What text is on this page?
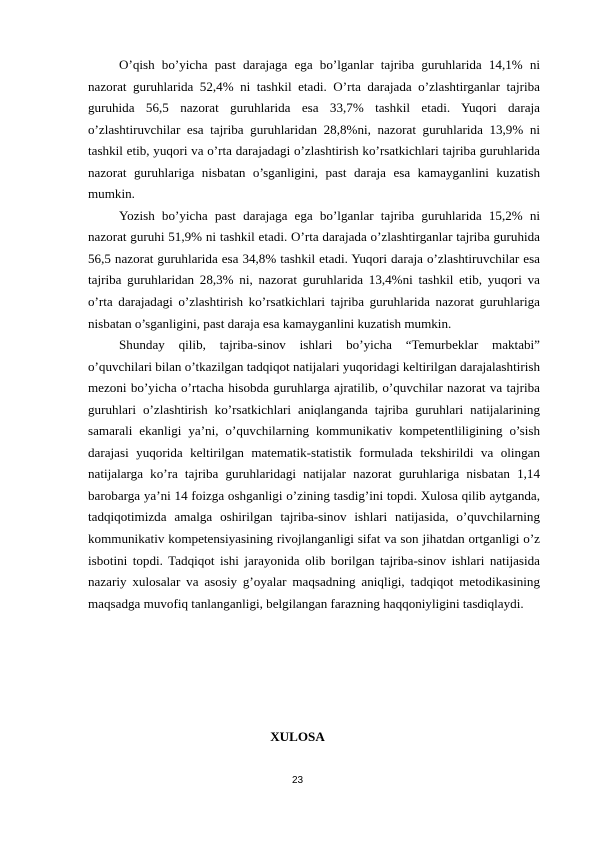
O’qish bo’yicha past darajaga ega bo’lganlar tajriba guruhlarida 14,1% ni nazorat guruhlarida 52,4% ni tashkil etadi. O’rta darajada o’zlashtirganlar tajriba guruhida 56,5 nazorat guruhlarida esa 33,7% tashkil etadi. Yuqori daraja o’zlashtiruvchilar esa tajriba guruhlaridan 28,8%ni, nazorat guruhlarida 13,9% ni tashkil etib, yuqori va o’rta darajadagi o’zlashtirish ko’rsatkichlari tajriba guruhlarida nazorat guruhlariga nisbatan o’sganligini, past daraja esa kamayganlini kuzatish mumkin.

Yozish bo’yicha past darajaga ega bo’lganlar tajriba guruhlarida 15,2% ni nazorat guruhi 51,9% ni tashkil etadi. O’rta darajada o’zlashtirganlar tajriba guruhida 56,5 nazorat guruhlarida esa 34,8% tashkil etadi. Yuqori daraja o’zlashtiruvchilar esa tajriba guruhlaridan 28,3% ni, nazorat guruhlarida 13,4%ni tashkil etib, yuqori va o’rta darajadagi o’zlashtirish ko’rsatkichlari tajriba guruhlarida nazorat guruhlariga nisbatan o’sganligini, past daraja esa kamayganlini kuzatish mumkin.

Shunday qilib, tajriba-sinov ishlari bo’yicha “Temurbeklar maktabi” o’quvchilari bilan o’tkazilgan tadqiqot natijalari yuqoridagi keltirilgan darajalashtirish mezoni bo’yicha o’rtacha hisobda guruhlarga ajratilib, o’quvchilar nazorat va tajriba guruhlari o’zlashtirish ko’rsatkichlari aniqlanganda tajriba guruhlari natijalarining samarali ekanligi ya’ni, o’quvchilarning kommunikativ kompetentliligining o’sish darajasi yuqorida keltirilgan matematik-statistik formulada tekshirildi va olingan natijalarga ko’ra tajriba guruhlaridagi natijalar nazorat guruhlariga nisbatan 1,14 barobarga ya’ni 14 foizga oshganligi o’zining tasdig’ini topdi. Xulosa qilib aytganda, tadqiqotimizda amalga oshirilgan tajriba-sinov ishlari natijasida, o’quvchilarning kommunikativ kompetensiyasining rivojlanganligi sifat va son jihatdan ortganligi o’z isbotini topdi. Tadqiqot ishi jarayonida olib borilgan tajriba-sinov ishlari natijasida nazariy xulosalar va asosiy g’oyalar maqsadning aniqligi, tadqiqot metodikasining maqsadga muvofiq tanlanganligi, belgilangan farazning haqqoniyligini tasdiqlaydi.

XULOSA
23
